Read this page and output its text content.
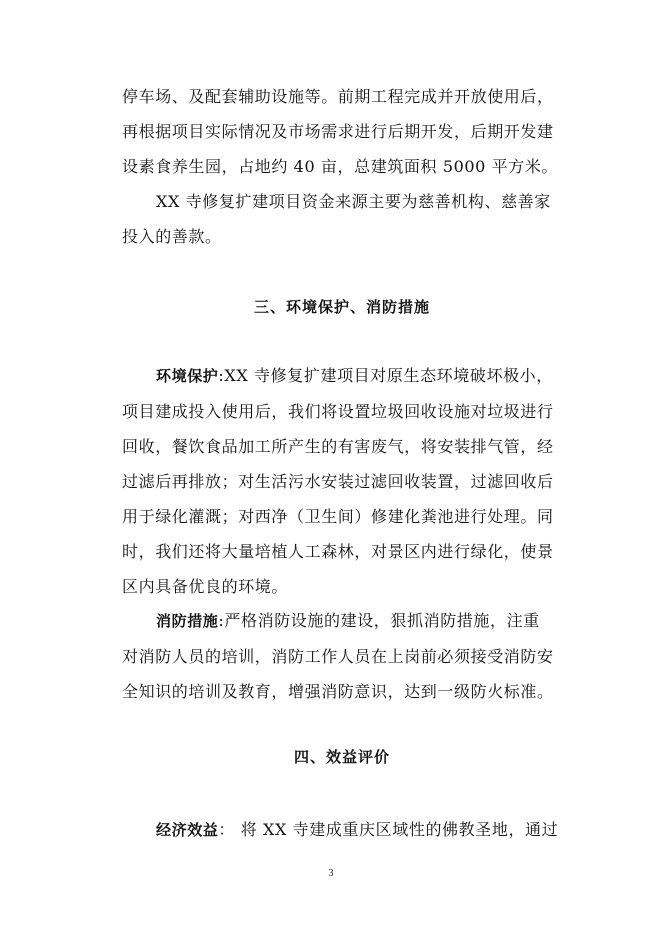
停车场、及配套辅助设施等。前期工程完成并开放使用后，
再根据项目实际情况及市场需求进行后期开发，后期开发建
设素食养生园，占地约 40 亩，总建筑面积 5000 平方米。
XX 寺修复扩建项目资金来源主要为慈善机构、慈善家
投入的善款。
三、环境保护、消防措施
环境保护:XX 寺修复扩建项目对原生态环境破坏极小，
项目建成投入使用后，我们将设置垃圾回收设施对垃圾进行
回收，餐饮食品加工所产生的有害废气，将安装排气管，经
过滤后再排放；对生活污水安装过滤回收装置，过滤回收后
用于绿化灌溉；对西净（卫生间）修建化粪池进行处理。同
时，我们还将大量培植人工森林，对景区内进行绿化，使景
区内具备优良的环境。
消防措施:严格消防设施的建设，狠抓消防措施，注重
对消防人员的培训，消防工作人员在上岗前必须接受消防安
全知识的培训及教育，增强消防意识，达到一级防火标准。
四、效益评价
经济效益： 将 XX 寺建成重庆区域性的佛教圣地，通过
3
